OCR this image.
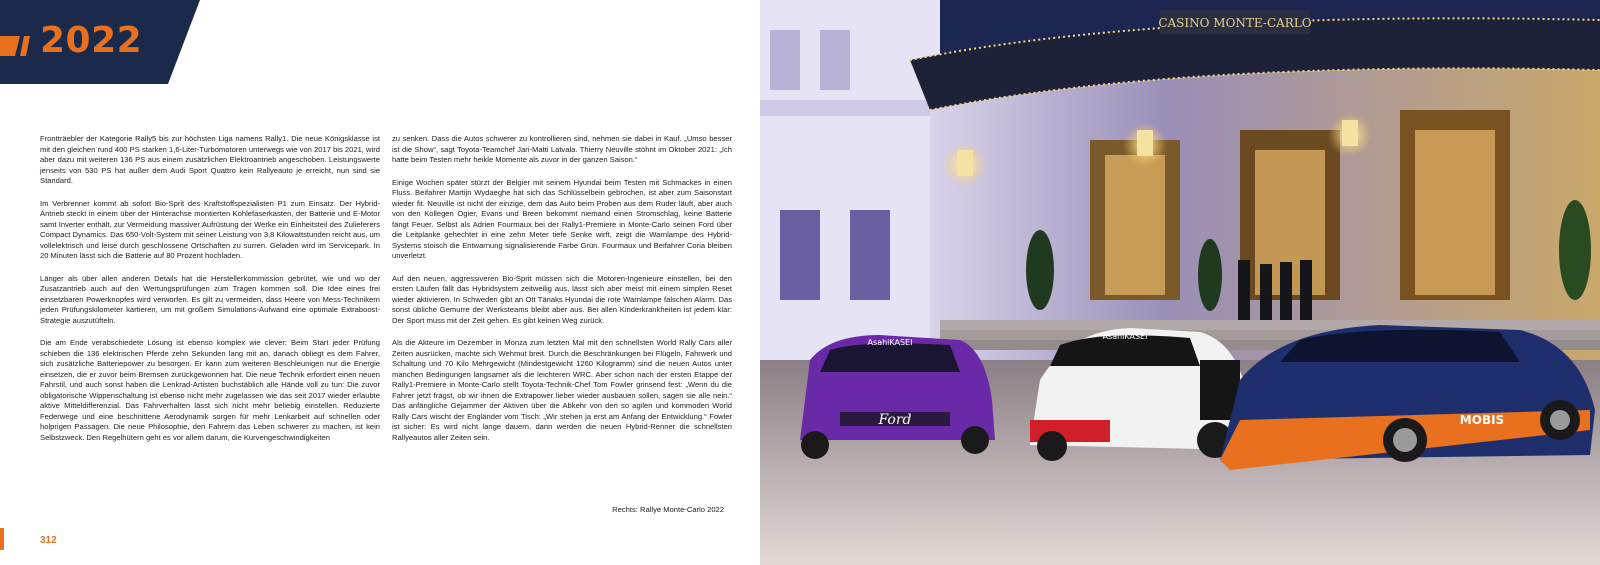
2022

Frontträebler der Kategorie Rally5 bis zur höchsten Liga namens Rally1. Die neue Königsklasse ist mit den gleichen rund 400 PS starken 1,6-Liter-Turbomotoren unterwegs wie von 2017 bis 2021, wird aber dazu mit weiteren 136 PS aus einem zusätzlichen Elektroantrieb angeschoben. Leistungswerte jenseits von 530 PS hat außer dem Audi Sport Quattro kein Rallyeauto je erreicht, nun sind sie Standard.

Im Verbrenner kommt ab sofort Bio-Sprit des Kraftstoffspezialisten P1 zum Einsatz. Der Hybrid-Antrieb steckt in einem über der Hinterachse montierten Kohlefaserkasten, der Batterie und E-Motor samt Inverter enthält, zur Vermeidung massiver Aufrüstung der Werke ein Einheitsteil des Zulieferers Compact Dynamics. Das 650-Volt-System mit seiner Leistung von 3,8 Kilowattstunden reicht aus, um vollelektrisch und leise durch geschlossene Ortschaften zu surren. Geladen wird im Servicepark. In 20 Minuten lässt sich die Batterie auf 80 Prozent hochladen.

Länger als über allen anderen Details hat die Herstellerkommission gebrütet, wie und wo der Zusatzantrieb auch auf den Wertungsprüfungen zum Tragen kommen soll. Die Idee eines frei einsetzbaren Powerknopfes wird verworfen. Es gilt zu vermeiden, dass Heere von Mess-Technikern jeden Prüfungskilometer kartieren, um mit großem Simulations-Aufwand eine optimale Extraboost-Strategie auszutüfteln.

Die am Ende verabschiedete Lösung ist ebenso komplex wie clever: Beim Start jeder Prüfung schieben die 136 elektrischen Pferde zehn Sekunden lang mit an, danach obliegt es dem Fahrer, sich zusätzliche Batteriepower zu besorgen. Er kann zum weiteren Beschleunigen nur die Energie einsetzen, die er zuvor beim Bremsen zurückgewonnen hat. Die neue Technik erfordert einen neuen Fahrstil, und auch sonst haben die Lenkrad-Artisten buchstäblich alle Hände voll zu tun: Die zuvor obligatorische Wippenschaltung ist ebenso nicht mehr zugelassen wie das seit 2017 wieder erlaubte aktive Mitteldifferenzial. Das Fahrverhalten lässt sich nicht mehr beliebig einstellen. Reduzierte Federwege und eine beschnittene Aerodynamik sorgen für mehr Lenkarbeit auf schnellen oder holprigen Passagen. Die neue Philosophie, den Fahrern das Leben schwerer zu machen, ist kein Selbstzweck. Den Regelhütern geht es vor allem darum, die Kurvengeschwindigkeiten

zu senken. Dass die Autos schwerer zu kontrollieren sind, nehmen sie dabei in Kauf. „Umso besser ist die Show“, sagt Toyota-Teamchef Jari-Matti Latvala. Thierry Neuville stöhnt im Oktober 2021: „Ich hatte beim Testen mehr heikle Momente als zuvor in der ganzen Saison.“

Einige Wochen später stürzt der Belgier mit seinem Hyundai beim Testen mit Schmackes in einen Fluss. Beifahrer Martijn Wydaeghe hat sich das Schlüsselbein gebrochen, ist aber zum Saisonstart wieder fit. Neuville ist nicht der einzige, dem das Auto beim Proben aus dem Ruder läuft, aber auch von den Kollegen Ogier, Evans und Breen bekommt niemand einen Stromschlag, keine Batterie fängt Feuer. Selbst als Adrien Fourmaux bei der Rally1-Premiere in Monte-Carlo seinen Ford über die Leitplanke gehechtet in eine zehn Meter tiefe Senke wirft, zeigt die Warnlampe des Hybrid-Systems stoisch die Entwarnung signalisierende Farbe Grün. Fourmaux und Beifahrer Coria bleiben unverletzt.

Auf den neuen, aggressiveren Bio-Sprit müssen sich die Motoren-Ingenieure einstellen, bei den ersten Läufen fällt das Hybridsystem zeitweilig aus, lässt sich aber meist mit einem simplen Reset wieder aktivieren. In Schweden gibt an Ott Tänaks Hyundai die rote Warnlampe falschen Alarm. Das sonst übliche Gemurre der Werksteams bleibt aber aus. Bei allen Kinderkrankheiten ist jedem klar: Der Sport muss mit der Zeit gehen. Es gibt keinen Weg zurück.

Als die Akteure im Dezember in Monza zum letzten Mal mit den schnellsten World Rally Cars aller Zeiten ausrücken, machte sich Wehmut breit. Durch die Beschränkungen bei Flügeln, Fahrwerk und Schaltung und 70 Kilo Mehrgewicht (Mindestgewicht 1260 Kilogramm) sind die neuen Autos unter manchen Bedingungen langsamer als die leichteren WRC. Aber schon nach der ersten Etappe der Rally1-Premiere in Monte-Carlo stellt Toyota-Technik-Chef Tom Fowler grinsend fest: „Wenn du die Fahrer jetzt fragst, ob wir ihnen die Extrapower lieber wieder ausbauen sollen, sagen sie alle nein.“ Das anfängliche Gejammer der Aktiven über die Abkehr von den so agilen und kommoden World Rally Cars wischt der Engländer vom Tisch: „Wir stehen ja erst am Anfang der Entwicklung.“ Fowler ist sicher: Es wird nicht lange dauern, dann werden die neuen Hybrid-Renner die schnellsten Rallyeautos aller Zeiten sein.

Rechts: Rallye Monte-Carlo 2022
312
CASINO MONTE-CARLO
Ford
AsahiKASEI
AsahiKASEI
MOBIS
